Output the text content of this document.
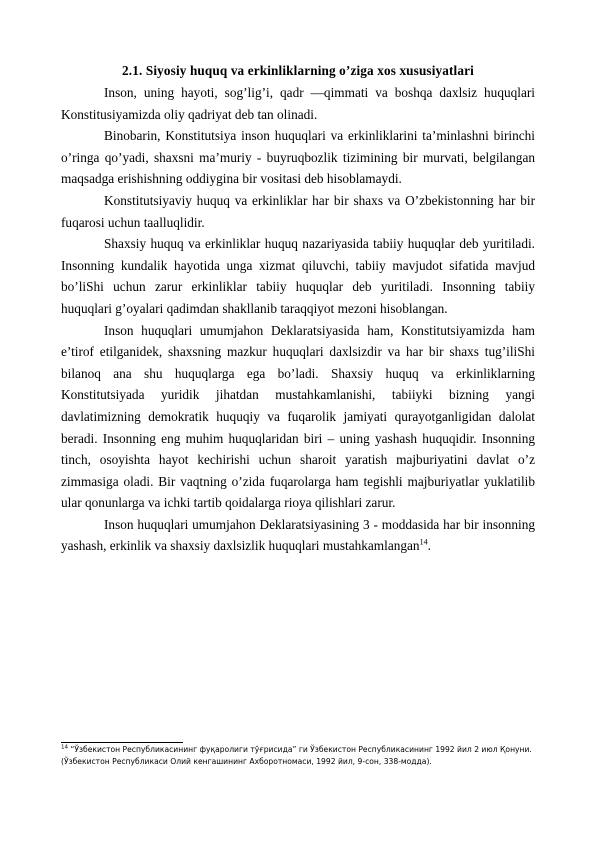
2.1. Siyosiy huquq va erkinliklarning o’ziga xos xususiyatlari

Inson, uning hayoti, sog’lig’i, qadr —qimmati va boshqa daxlsiz huquqlari Konstitusiyamizda oliy qadriyat deb tan olinadi.

Binobarin, Konstitutsiya inson huquqlari va erkinliklarini ta’minlashni birinchi o’ringa qo’yadi, shaxsni ma’muriy - buyruqbozlik tizimining bir murvati, belgilangan maqsadga erishishning oddiygina bir vositasi deb hisoblamaydi.

Konstitutsiyaviy huquq va erkinliklar har bir shaxs va O’zbekistonning har bir fuqarosi uchun taalluqlidir.

Shaxsiy huquq va erkinliklar huquq nazariyasida tabiiy huquqlar deb yuritiladi. Insonning kundalik hayotida unga xizmat qiluvchi, tabiiy mavjudot sifatida mavjud bo’liShi uchun zarur erkinliklar tabiiy huquqlar deb yuritiladi. Insonning tabiiy huquqlari g’oyalari qadimdan shakllanib taraqqiyot mezoni hisoblangan.

Inson huquqlari umumjahon Deklaratsiyasida ham, Konstitutsiyamizda ham e’tirof etilganidek, shaxsning mazkur huquqlari daxlsizdir va har bir shaxs tug’iliShi bilanoq ana shu huquqlarga ega bo’ladi. Shaxsiy huquq va erkinliklarning Konstitutsiyada yuridik jihatdan mustahkamlanishi, tabiiyki bizning yangi davlatimizning demokratik huquqiy va fuqarolik jamiyati qurayotganligidan dalolat beradi. Insonning eng muhim huquqlaridan biri – uning yashash huquqidir. Insonning tinch, osoyishta hayot kechirishi uchun sharoit yaratish majburiyatini davlat o’z zimmasiga oladi. Bir vaqtning o’zida fuqarolarga ham tegishli majburiyatlar yuklatilib ular qonunlarga va ichki tartib qoidalarga rioya qilishlari zarur.

Inson huquqlari umumjahon Deklaratsiyasining 3 - moddasida har bir insonning yashash, erkinlik va shaxsiy daxlsizlik huquqlari mustahkamlangan$^{14}$.

$^{14}$ “Ўзбекистон Республикасининг фуқаролиги тўғрисида” ги Ўзбекистон Республикасининг 1992 йил 2 июл Қонуни. (Ўзбекистон Республикаси Олий кенгашининг Ахборотномаси, 1992 йил, 9-сон, 338-модда).
